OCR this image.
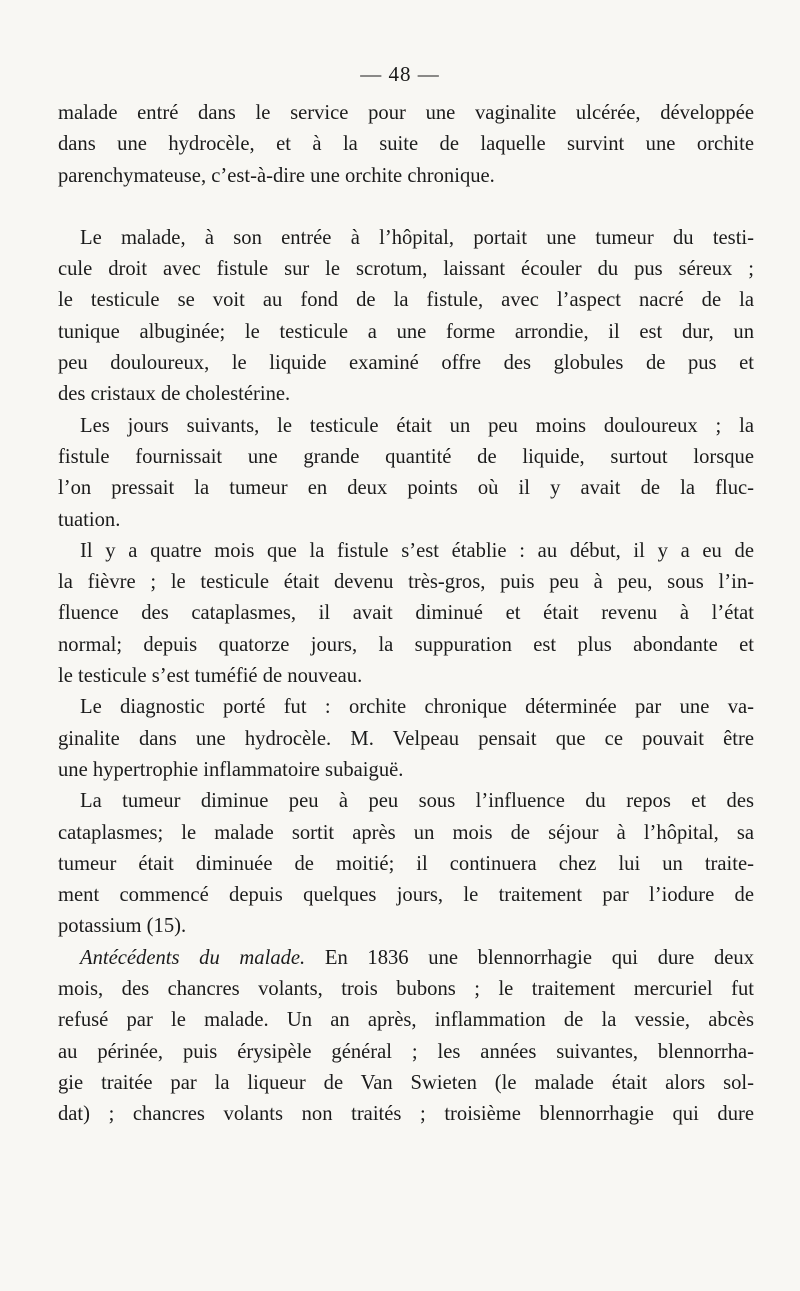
— 48 —
malade entré dans le service pour une vaginalite ulcérée, développée
dans une hydrocèle, et à la suite de laquelle survint une orchite
parenchymateuse, c’est-à-dire une orchite chronique.
Le malade, à son entrée à l’hôpital, portait une tumeur du testi-
cule droit avec fistule sur le scrotum, laissant écouler du pus séreux ;
le testicule se voit au fond de la fistule, avec l’aspect nacré de la
tunique albuginée; le testicule a une forme arrondie, il est dur, un
peu douloureux, le liquide examiné offre des globules de pus et
des cristaux de cholestérine.
Les jours suivants, le testicule était un peu moins douloureux ; la
fistule fournissait une grande quantité de liquide, surtout lorsque
l’on pressait la tumeur en deux points où il y avait de la fluc-
tuation.
Il y a quatre mois que la fistule s’est établie : au début, il y a eu de
la fièvre ; le testicule était devenu très-gros, puis peu à peu, sous l’in-
fluence des cataplasmes, il avait diminué et était revenu à l’état
normal; depuis quatorze jours, la suppuration est plus abondante et
le testicule s’est tuméfié de nouveau.
Le diagnostic porté fut : orchite chronique déterminée par une va-
ginalite dans une hydrocèle. M. Velpeau pensait que ce pouvait être
une hypertrophie inflammatoire subaiguë.
La tumeur diminue peu à peu sous l’influence du repos et des
cataplasmes; le malade sortit après un mois de séjour à l’hôpital, sa
tumeur était diminuée de moitié; il continuera chez lui un traite-
ment commencé depuis quelques jours, le traitement par l’iodure de
potassium (15).
Antécédents du malade. En 1836 une blennorrhagie qui dure deux
mois, des chancres volants, trois bubons ; le traitement mercuriel fut
refusé par le malade. Un an après, inflammation de la vessie, abcès
au périnée, puis érysipèle général ; les années suivantes, blennorrha-
gie traitée par la liqueur de Van Swieten (le malade était alors sol-
dat) ; chancres volants non traités ; troisième blennorrhagie qui dure
